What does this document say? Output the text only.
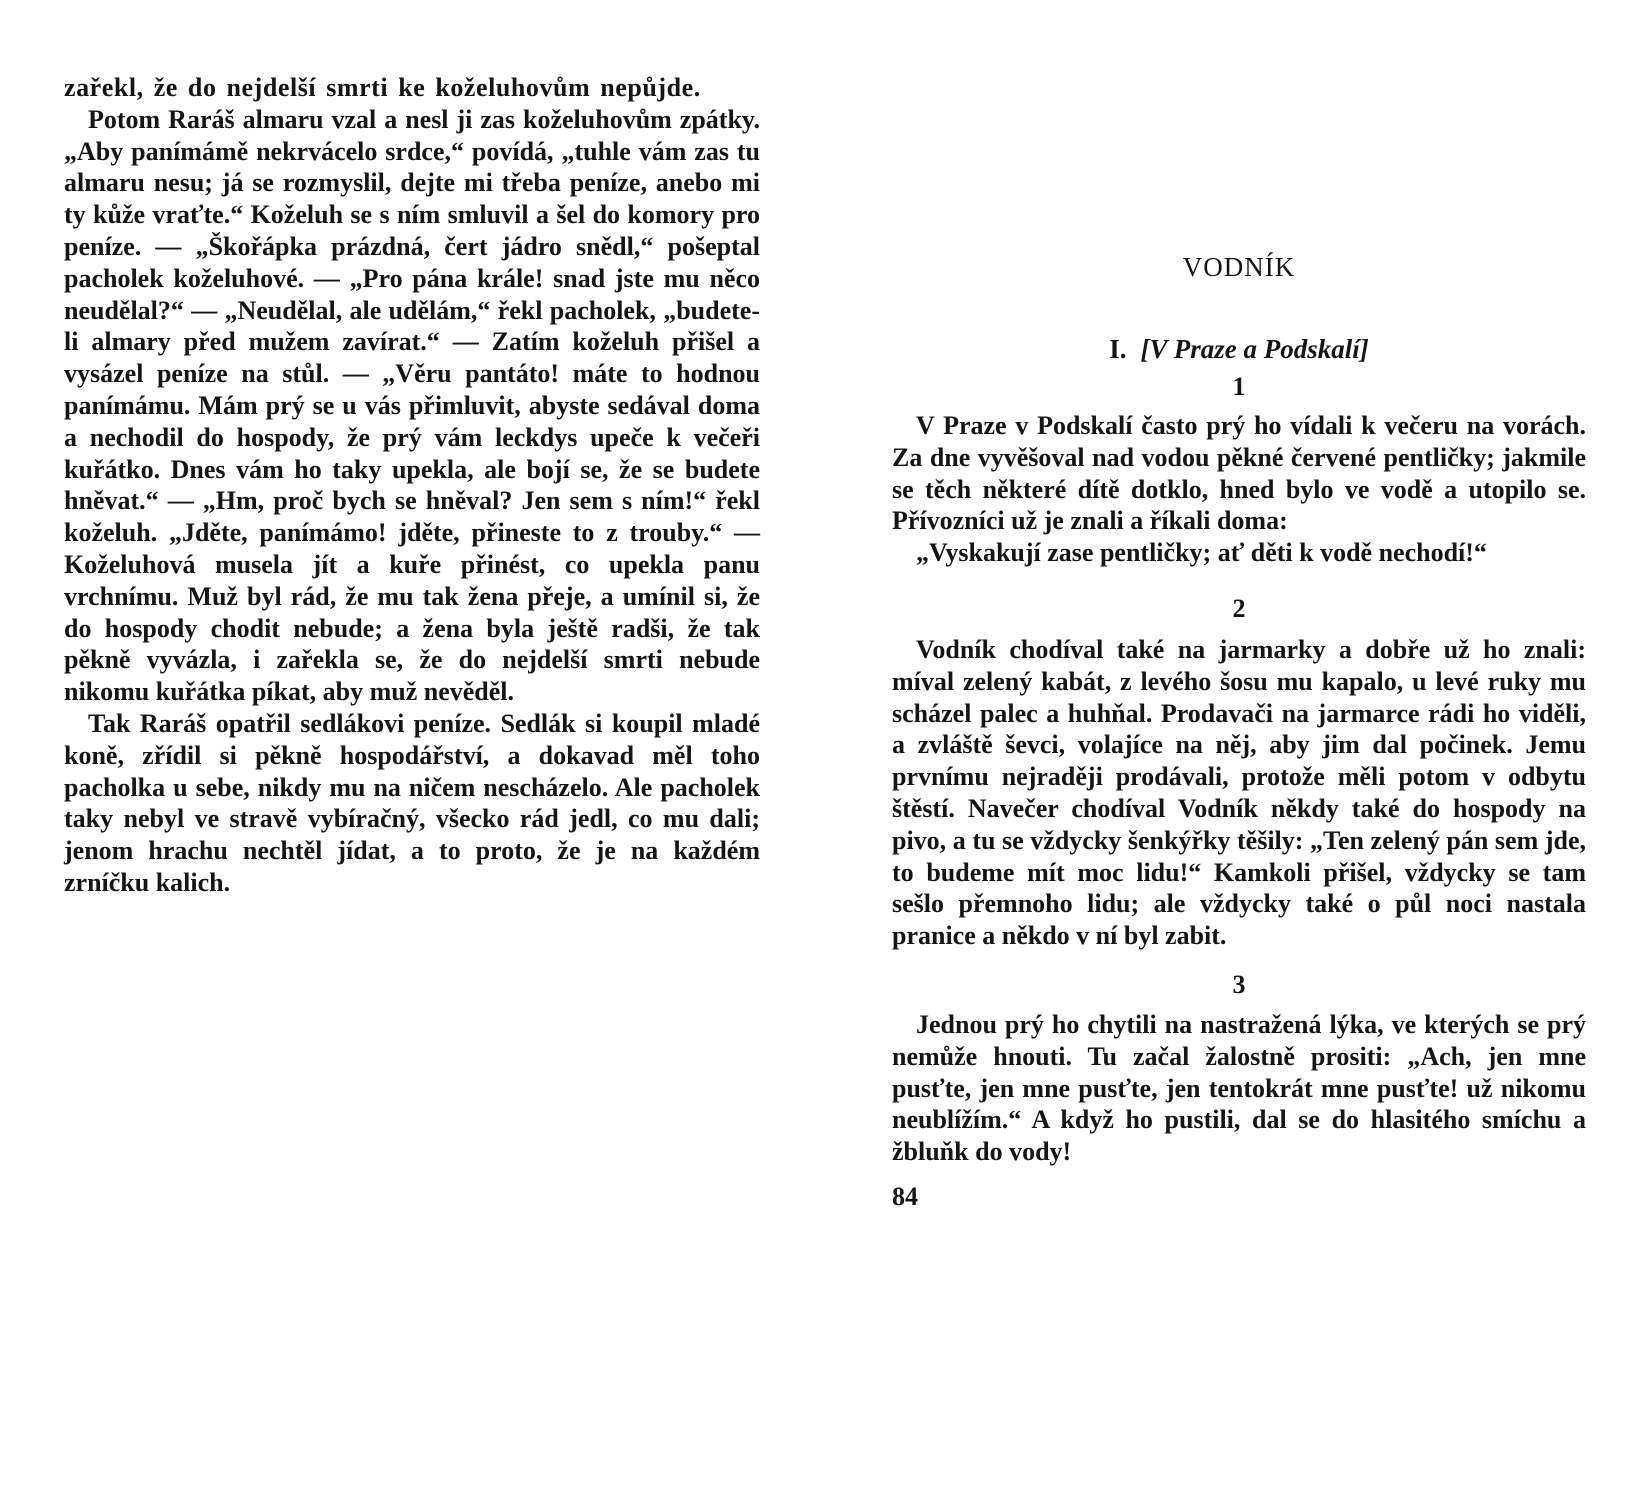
zařekl, že do nejdelší smrti ke koželuhovům nepůjde.

Potom Raráš almaru vzal a nesl ji zas koželuhovům zpátky. „Aby panímámě nekrvácelo srdce,“ povídá, „tuhle vám zas tu almaru nesu; já se rozmyslil, dejte mi třeba peníze, anebo mi ty kůže vraťte.“ Koželuh se s ním smluvil a šel do komory pro peníze. — „Škořápka prázdná, čert jádro snědl,“ pošeptal pacholek koželuhové. — „Pro pána krále! snad jste mu něco neudělal?“ — „Neudělal, ale udělám,“ řekl pacholek, „budete-li almary před mužem zavírat.“ — Zatím koželuh přišel a vysázel peníze na stůl. — „Věru pantáto! máte to hodnou panímámu. Mám prý se u vás přimluvit, abyste sedával doma a nechodil do hospody, že prý vám leckdys upeče k večeři kuřátko. Dnes vám ho taky upekla, ale bojí se, že se budete hněvat.“ — „Hm, proč bych se hněval? Jen sem s ním!“ řekl koželuh. „Jděte, panímámo! jděte, přineste to z trouby.“ — Koželuhová musela jít a kuře přinést, co upekla panu vrchnímu. Muž byl rád, že mu tak žena přeje, a umínil si, že do hospody chodit nebude; a žena byla ještě radši, že tak pěkně vyvázla, i zařekla se, že do nejdelší smrti nebude nikomu kuřátka píkat, aby muž nevěděl.

Tak Raráš opatřil sedlákovi peníze. Sedlák si koupil mladé koně, zřídil si pěkně hospodářství, a dokavad měl toho pacholka u sebe, nikdy mu na ničem nescházelo. Ale pacholek taky nebyl ve stravě vybíračný, všecko rád jedl, co mu dali; jenom hrachu nechtěl jídat, a to proto, že je na každém zrníčku kalich.

VODNÍK
I. [V Praze a Podskalí]
1

V Praze v Podskalí často prý ho vídali k večeru na vorách. Za dne vyvěšoval nad vodou pěkné červené pentličky; jakmile se těch některé dítě dotklo, hned bylo ve vodě a utopilo se. Přívozníci už je znali a říkali doma:

„Vyskakují zase pentličky; ať děti k vodě nechodí!“

2

Vodník chodíval také na jarmarky a dobře už ho znali: míval zelený kabát, z levého šosu mu kapalo, u levé ruky mu scházel palec a huhňal. Prodavači na jarmarce rádi ho viděli, a zvláště ševci, volajíce na něj, aby jim dal počinek. Jemu prvnímu nejraději prodávali, protože měli potom v odbytu štěstí. Navečer chodíval Vodník někdy také do hospody na pivo, a tu se vždycky šenkýřky těšily: „Ten zelený pán sem jde, to budeme mít moc lidu!“ Kamkoli přišel, vždycky se tam sešlo přemnoho lidu; ale vždycky také o půl noci nastala pranice a někdo v ní byl zabit.

3

Jednou prý ho chytili na nastražená lýka, ve kterých se prý nemůže hnouti. Tu začal žalostně prositi: „Ach, jen mne pusťte, jen mne pusťte, jen tentokrát mne pusťte! už nikomu neublížím.“ A když ho pustili, dal se do hlasitého smíchu a žbluňk do vody!

84
